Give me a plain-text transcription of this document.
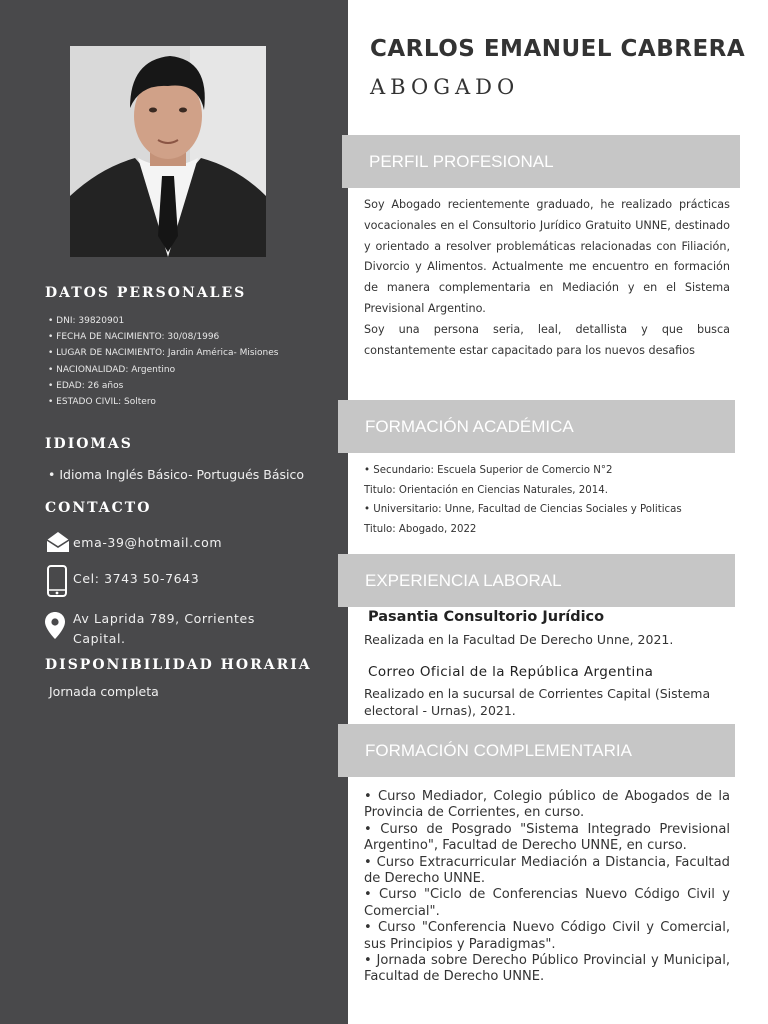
DATOS PERSONALES
• DNI: 39820901
• FECHA DE NACIMIENTO: 30/08/1996
• LUGAR DE NACIMIENTO: Jardin América- Misiones
• NACIONALIDAD: Argentino
• EDAD: 26 años
• ESTADO CIVIL: Soltero
IDIOMAS
• Idioma Inglés Básico- Portugués Básico
CONTACTO
ema-39@hotmail.com
Cel: 3743 50-7643
Av Laprida 789, Corrientes Capital.
DISPONIBILIDAD HORARIA
Jornada completa
CARLOS EMANUEL CABRERA
ABOGADO
PERFIL PROFESIONAL

Soy Abogado recientemente graduado, he realizado prácticas vocacionales en el Consultorio Jurídico Gratuito UNNE, destinado y orientado a resolver problemáticas relacionadas con Filiación, Divorcio y Alimentos. Actualmente me encuentro en formación de manera complementaria en Mediación y en el Sistema Previsional Argentino.

Soy una persona seria, leal, detallista y que busca constantemente estar capacitado para los nuevos desafios

FORMACIÓN ACADÉMICA

• Secundario: Escuela Superior de Comercio N°2

Titulo: Orientación en Ciencias Naturales, 2014.

• Universitario: Unne, Facultad de Ciencias Sociales y Politicas

Titulo: Abogado, 2022

EXPERIENCIA LABORAL
Pasantia Consultorio Jurídico
Realizada en la Facultad De Derecho Unne, 2021.
Correo Oficial de la República Argentina
Realizado en la sucursal de Corrientes Capital (Sistema electoral - Urnas), 2021.
FORMACIÓN COMPLEMENTARIA

• Curso Mediador, Colegio público de Abogados de la Provincia de Corrientes, en curso.

• Curso de Posgrado "Sistema Integrado Previsional Argentino", Facultad de Derecho UNNE, en curso.

• Curso Extracurricular Mediación a Distancia, Facultad de Derecho UNNE.

• Curso "Ciclo de Conferencias Nuevo Código Civil y Comercial".

• Curso "Conferencia Nuevo Código Civil y Comercial, sus Principios y Paradigmas".

• Jornada sobre Derecho Público Provincial y Municipal, Facultad de Derecho UNNE.
